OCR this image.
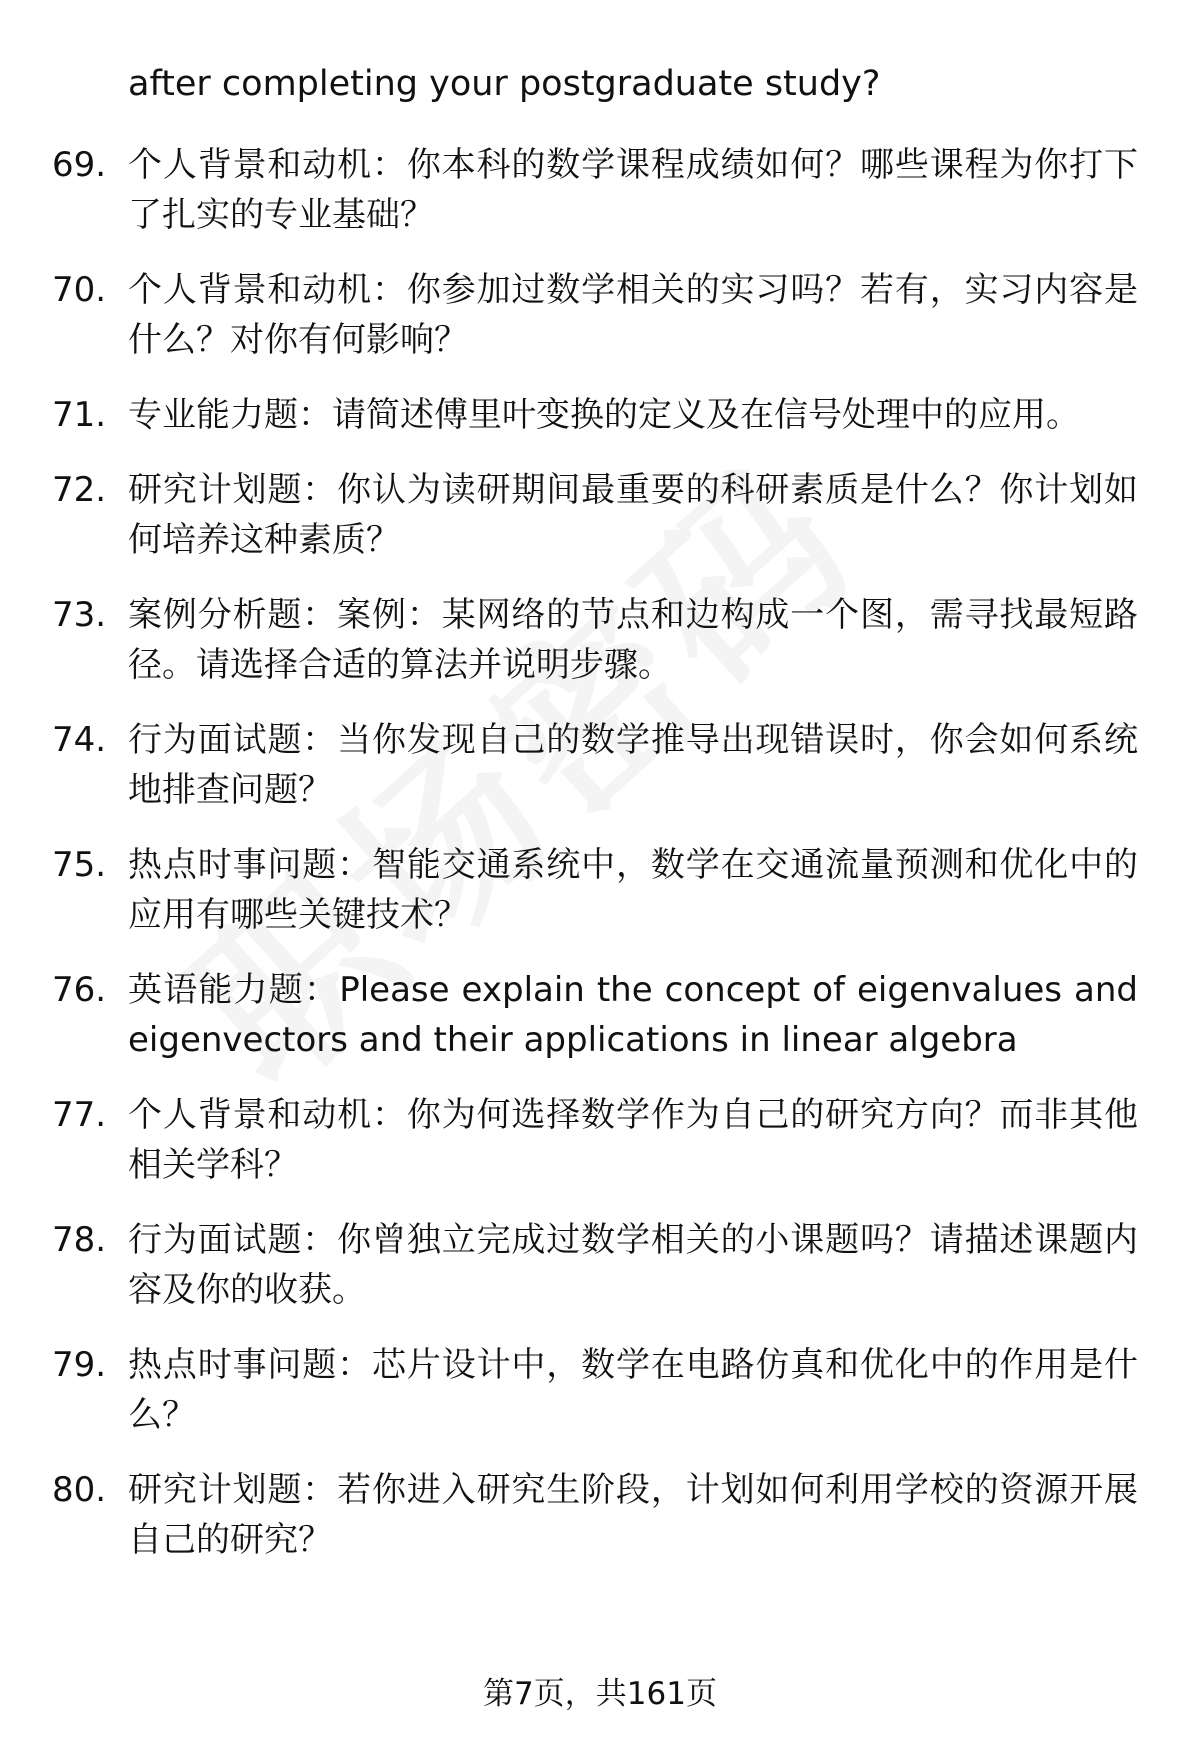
after completing your postgraduate study?
69. 个人背景和动机：你本科的数学课程成绩如何？哪些课程为你打下了扎实的专业基础？
70. 个人背景和动机：你参加过数学相关的实习吗？若有，实习内容是什么？对你有何影响？
71. 专业能力题：请简述傅里叶变换的定义及在信号处理中的应用。
72. 研究计划题：你认为读研期间最重要的科研素质是什么？你计划如何培养这种素质？
73. 案例分析题：案例：某网络的节点和边构成一个图，需寻找最短路径。请选择合适的算法并说明步骤。
74. 行为面试题：当你发现自己的数学推导出现错误时，你会如何系统地排查问题？
75. 热点时事问题：智能交通系统中，数学在交通流量预测和优化中的应用有哪些关键技术？
76. 英语能力题：Please explain the concept of eigenvalues and eigenvectors and their applications in linear algebra
77. 个人背景和动机：你为何选择数学作为自己的研究方向？而非其他相关学科？
78. 行为面试题：你曾独立完成过数学相关的小课题吗？请描述课题内容及你的收获。
79. 热点时事问题：芯片设计中，数学在电路仿真和优化中的作用是什么？
80. 研究计划题：若你进入研究生阶段，计划如何利用学校的资源开展自己的研究？
第7页，共161页
